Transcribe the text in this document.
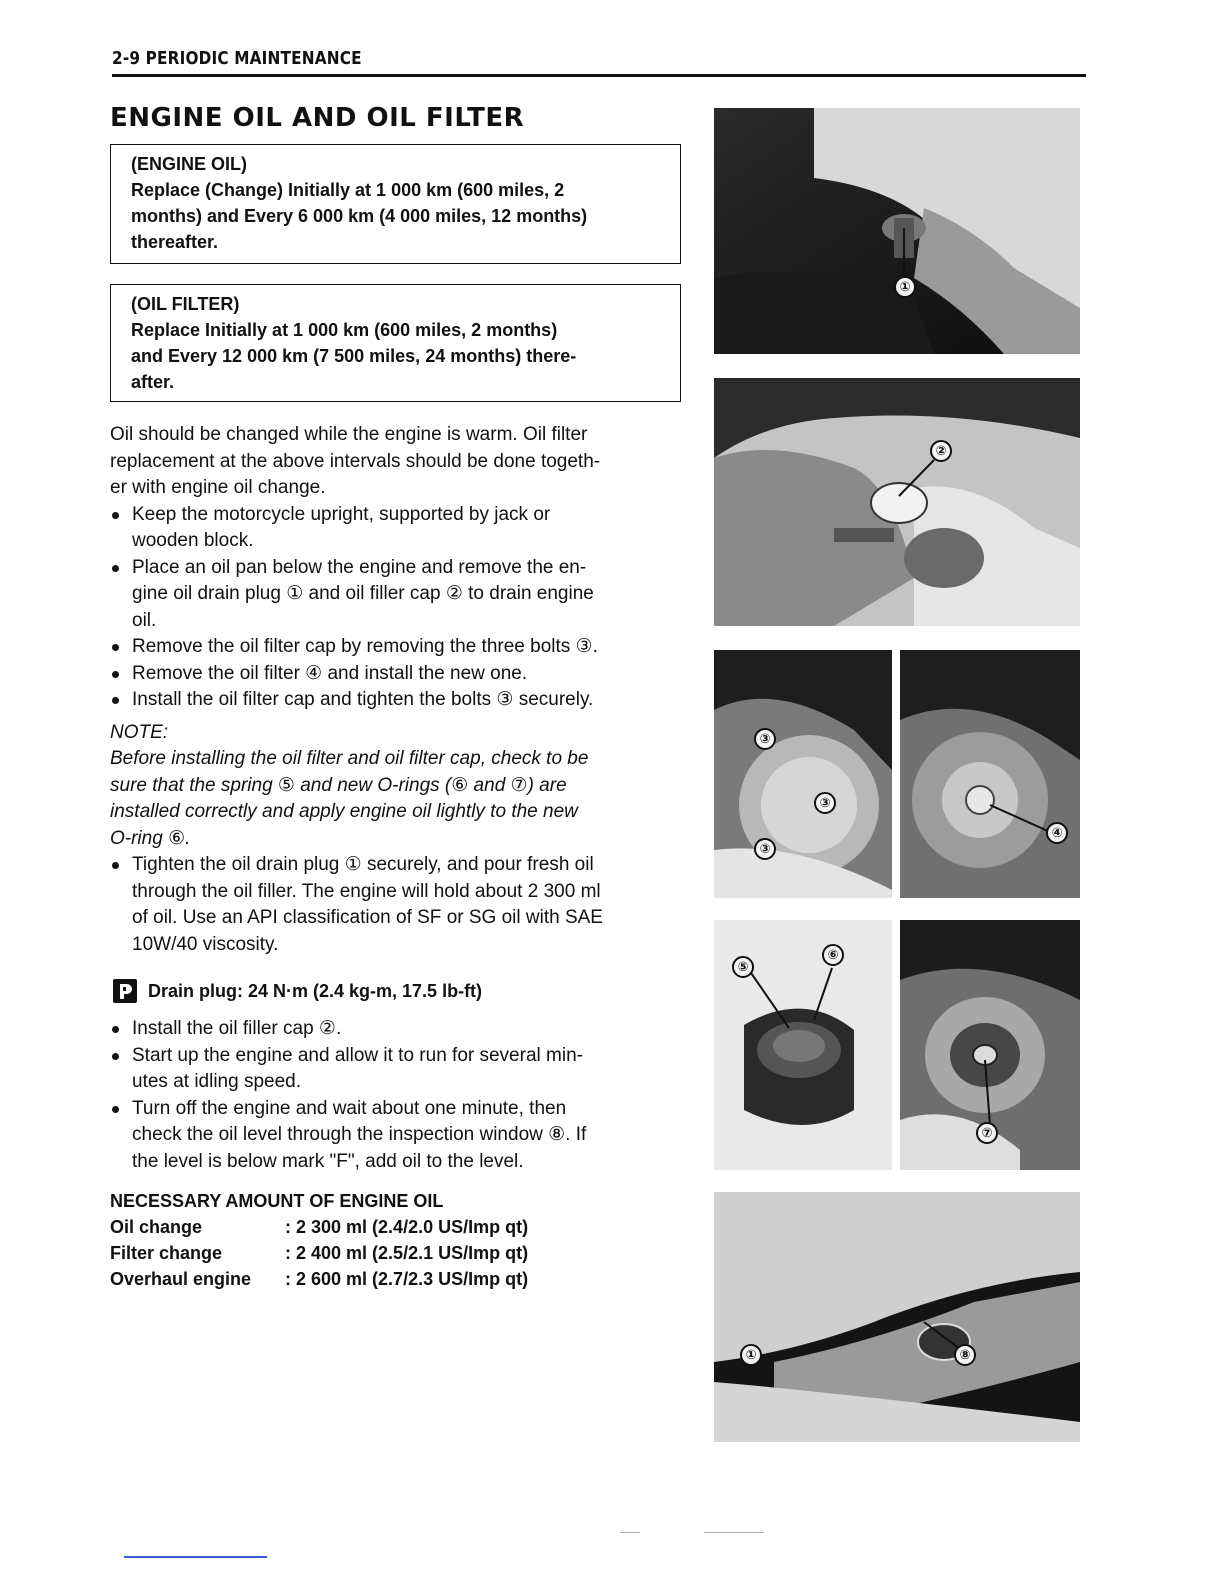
2-9 PERIODIC MAINTENANCE
ENGINE OIL AND OIL FILTER
(ENGINE OIL)
Replace (Change) Initially at 1 000 km (600 miles, 2
months) and Every 6 000 km (4 000 miles, 12 months)
thereafter.
(OIL FILTER)
Replace Initially at 1 000 km (600 miles, 2 months)
and Every 12 000 km (7 500 miles, 24 months) there-
after.
Oil should be changed while the engine is warm. Oil filter
replacement at the above intervals should be done togeth-
er with engine oil change.
Keep the motorcycle upright, supported by jack or
wooden block.
Place an oil pan below the engine and remove the en-
gine oil drain plug ① and oil filler cap ② to drain engine
oil.
Remove the oil filter cap by removing the three bolts ③.
Remove the oil filter ④ and install the new one.
Install the oil filter cap and tighten the bolts ③ securely.
NOTE:
Before installing the oil filter and oil filter cap, check to be
sure that the spring ⑤ and new O-rings (⑥ and ⑦) are
installed correctly and apply engine oil lightly to the new
O-ring ⑥.
Tighten the oil drain plug ① securely, and pour fresh oil
through the oil filler. The engine will hold about 2 300 ml
of oil. Use an API classification of SF or SG oil with SAE
10W/40 viscosity.
Drain plug: 24 N·m (2.4 kg-m, 17.5 lb-ft)
Install the oil filler cap ②.
Start up the engine and allow it to run for several min-
utes at idling speed.
Turn off the engine and wait about one minute, then
check the oil level through the inspection window ⑧. If
the level is below mark "F", add oil to the level.
NECESSARY AMOUNT OF ENGINE OIL
Oil change	: 2 300 ml (2.4/2.0 US/Imp qt)
Filter change	: 2 400 ml (2.5/2.1 US/Imp qt)
Overhaul engine	: 2 600 ml (2.7/2.3 US/Imp qt)
①
②
③
③
③
④
⑤
⑥
⑦
①	⑧
